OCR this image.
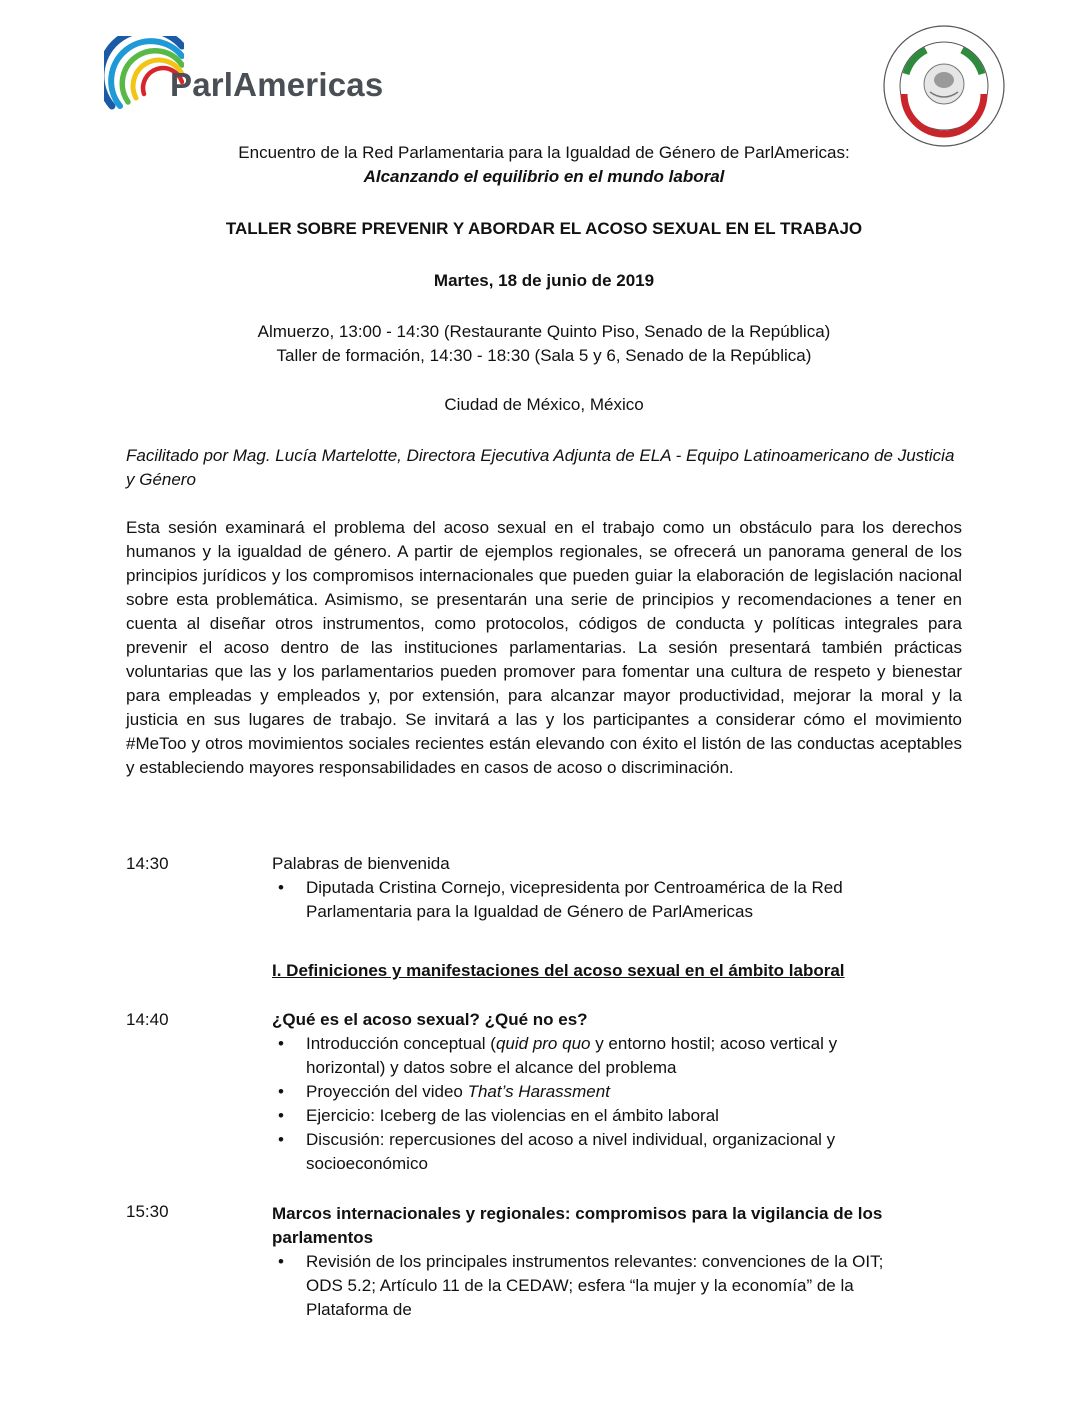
ParlAmericas
Encuentro de la Red Parlamentaria para la Igualdad de Género de ParlAmericas:
Alcanzando el equilibrio en el mundo laboral
TALLER SOBRE PREVENIR Y ABORDAR EL ACOSO SEXUAL EN EL TRABAJO
Martes, 18 de junio de 2019
Almuerzo, 13:00 - 14:30 (Restaurante Quinto Piso, Senado de la República)
Taller de formación, 14:30 - 18:30 (Sala 5 y 6, Senado de la República)
Ciudad de México, México
Facilitado por Mag. Lucía Martelotte, Directora Ejecutiva Adjunta de ELA - Equipo Latinoamericano de Justicia y Género
Esta sesión examinará el problema del acoso sexual en el trabajo como un obstáculo para los derechos humanos y la igualdad de género. A partir de ejemplos regionales, se ofrecerá un panorama general de los principios jurídicos y los compromisos internacionales que pueden guiar la elaboración de legislación nacional sobre esta problemática. Asimismo, se presentarán una serie de principios y recomendaciones a tener en cuenta al diseñar otros instrumentos, como protocolos, códigos de conducta y políticas integrales para prevenir el acoso dentro de las instituciones parlamentarias. La sesión presentará también prácticas voluntarias que las y los parlamentarios pueden promover para fomentar una cultura de respeto y bienestar para empleadas y empleados y, por extensión, para alcanzar mayor productividad, mejorar la moral y la justicia en sus lugares de trabajo. Se invitará a las y los participantes a considerar cómo el movimiento #MeToo y otros movimientos sociales recientes están elevando con éxito el listón de las conductas aceptables y estableciendo mayores responsabilidades en casos de acoso o discriminación.
14:30	Palabras de bienvenida
• Diputada Cristina Cornejo, vicepresidenta por Centroamérica de la Red Parlamentaria para la Igualdad de Género de ParlAmericas
I. Definiciones y manifestaciones del acoso sexual en el ámbito laboral
14:40	¿Qué es el acoso sexual? ¿Qué no es?
• Introducción conceptual (quid pro quo y entorno hostil; acoso vertical y horizontal) y datos sobre el alcance del problema
• Proyección del video That’s Harassment
• Ejercicio: Iceberg de las violencias en el ámbito laboral
• Discusión: repercusiones del acoso a nivel individual, organizacional y socioeconómico
15:30	Marcos internacionales y regionales: compromisos para la vigilancia de los parlamentos
• Revisión de los principales instrumentos relevantes: convenciones de la OIT; ODS 5.2; Artículo 11 de la CEDAW; esfera “la mujer y la economía” de la Plataforma de
